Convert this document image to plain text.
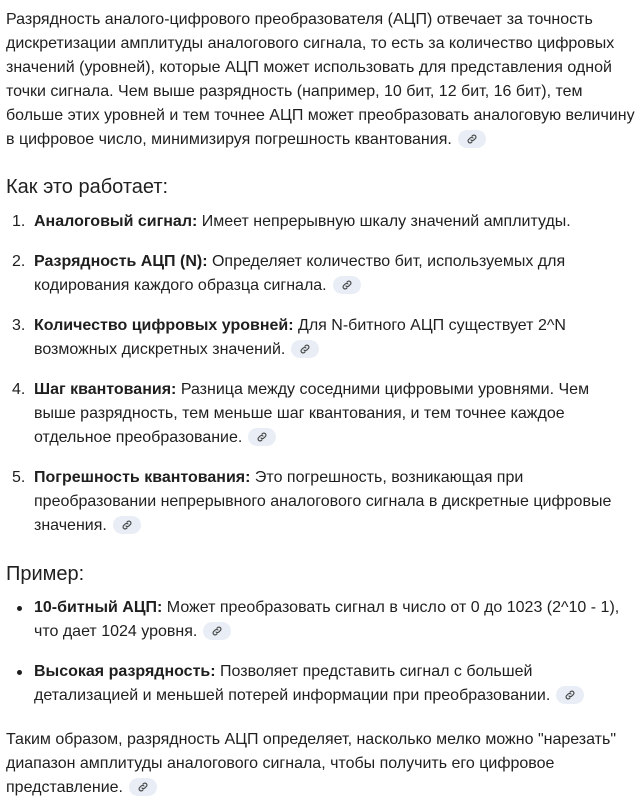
Разрядность аналого-цифрового преобразователя (АЦП) отвечает за точность дискретизации амплитуды аналогового сигнала, то есть за количество цифровых значений (уровней), которые АЦП может использовать для представления одной точки сигнала. Чем выше разрядность (например, 10 бит, 12 бит, 16 бит), тем больше этих уровней и тем точнее АЦП может преобразовать аналоговую величину в цифровое число, минимизируя погрешность квантования.

Как это работает:
1. Аналоговый сигнал: Имеет непрерывную шкалу значений амплитуды.
2. Разрядность АЦП (N): Определяет количество бит, используемых для кодирования каждого образца сигнала.
3. Количество цифровых уровней: Для N-битного АЦП существует 2^N возможных дискретных значений.
4. Шаг квантования: Разница между соседними цифровыми уровнями. Чем выше разрядность, тем меньше шаг квантования, и тем точнее каждое отдельное преобразование.
5. Погрешность квантования: Это погрешность, возникающая при преобразовании непрерывного аналогового сигнала в дискретные цифровые значения.
Пример:
10-битный АЦП: Может преобразовать сигнал в число от 0 до 1023 (2^10 - 1), что дает 1024 уровня.
Высокая разрядность: Позволяет представить сигнал с большей детализацией и меньшей потерей информации при преобразовании.

Таким образом, разрядность АЦП определяет, насколько мелко можно "нарезать" диапазон амплитуды аналогового сигнала, чтобы получить его цифровое представление.
